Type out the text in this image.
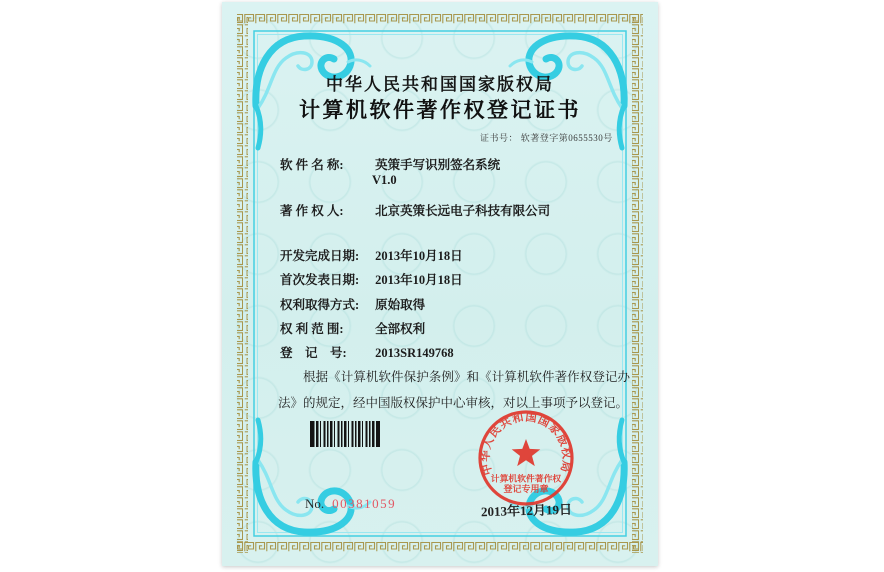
中华人民共和国国家版权局
计算机软件著作权登记证书
证书号： 软著登字第0655530号
软 件 名 称:	英策手写识别签名系统
V1.0
著 作 权 人:	北京英策长远电子科技有限公司
开发完成日期: 2013年10月18日
首次发表日期: 2013年10月18日
权利取得方式: 原始取得
权 利 范 围:	全部权利
登　记　号: 2013SR149768
根据《计算机软件保护条例》和《计算机软件著作权登记办法》的规定，经中国版权保护中心审核，对以上事项予以登记。
No. 00381059	2013年12月19日
中华人民共和国国家版权局
计算机软件著作权
登记专用章
